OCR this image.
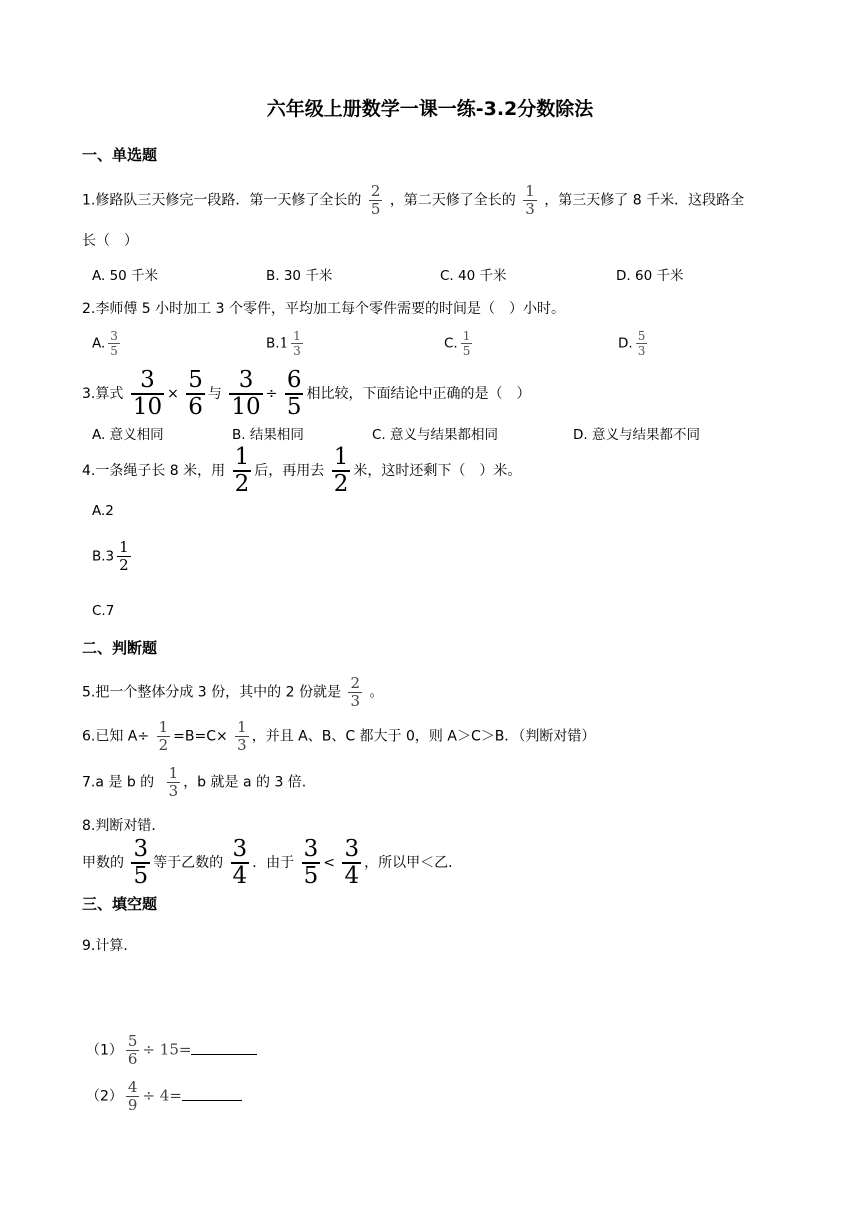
六年级上册数学一课一练-3.2分数除法
一、单选题
1.修路队三天修完一段路．第一天修了全长的 $\frac{2}{5}$ ，第二天修了全长的 $\frac{1}{3}$ ，第三天修了 8 千米．这段路全
长（　）
A. 50 千米	B. 30 千米	C. 40 千米	D. 60 千米
2.李师傅 5 小时加工 3 个零件，平均加工每个零件需要的时间是（　）小时。
A. $\frac{3}{5}$	$B.1 \frac{1}{3}$	C. $\frac{1}{5}$	D. $\frac{5}{3}$
3.算式 $\frac{3}{10} \times \frac{5}{6}$ 与 $\frac{3}{10} \div \frac{6}{5}$ 相比较，下面结论中正确的是（　）
A. 意义相同	B. 结果相同	C. 意义与结果都相同	D. 意义与结果都不同
4.一条绳子长 8 米，用 $\frac{1}{2}$ 后，再用去 $\frac{1}{2}$ 米，这时还剩下（　）米。
A.2
$B.3 \frac{1}{2}$
C.7
二、判断题
5.把一个整体分成 3 份，其中的 2 份就是 $\frac{2}{3}$ 。
6.已知 $A\div \frac{1}{2} =B=C\times \frac{1}{3}$ ，并且 A、B、C 都大于 0，则 A＞C＞B．（判断对错）
7.a 是 b 的 $\frac{1}{3}$ ，b 就是 a 的 3 倍.
8.判断对错．
甲数的 $\frac{3}{5}$ 等于乙数的 $\frac{3}{4}$ ．由于 $\frac{3}{5} < \frac{3}{4}$ ，所以甲＜乙．
三、填空题
9.计算．
$(1) \frac{5}{6} \div 15=$
$(2) \frac{4}{9} \div 4=$
